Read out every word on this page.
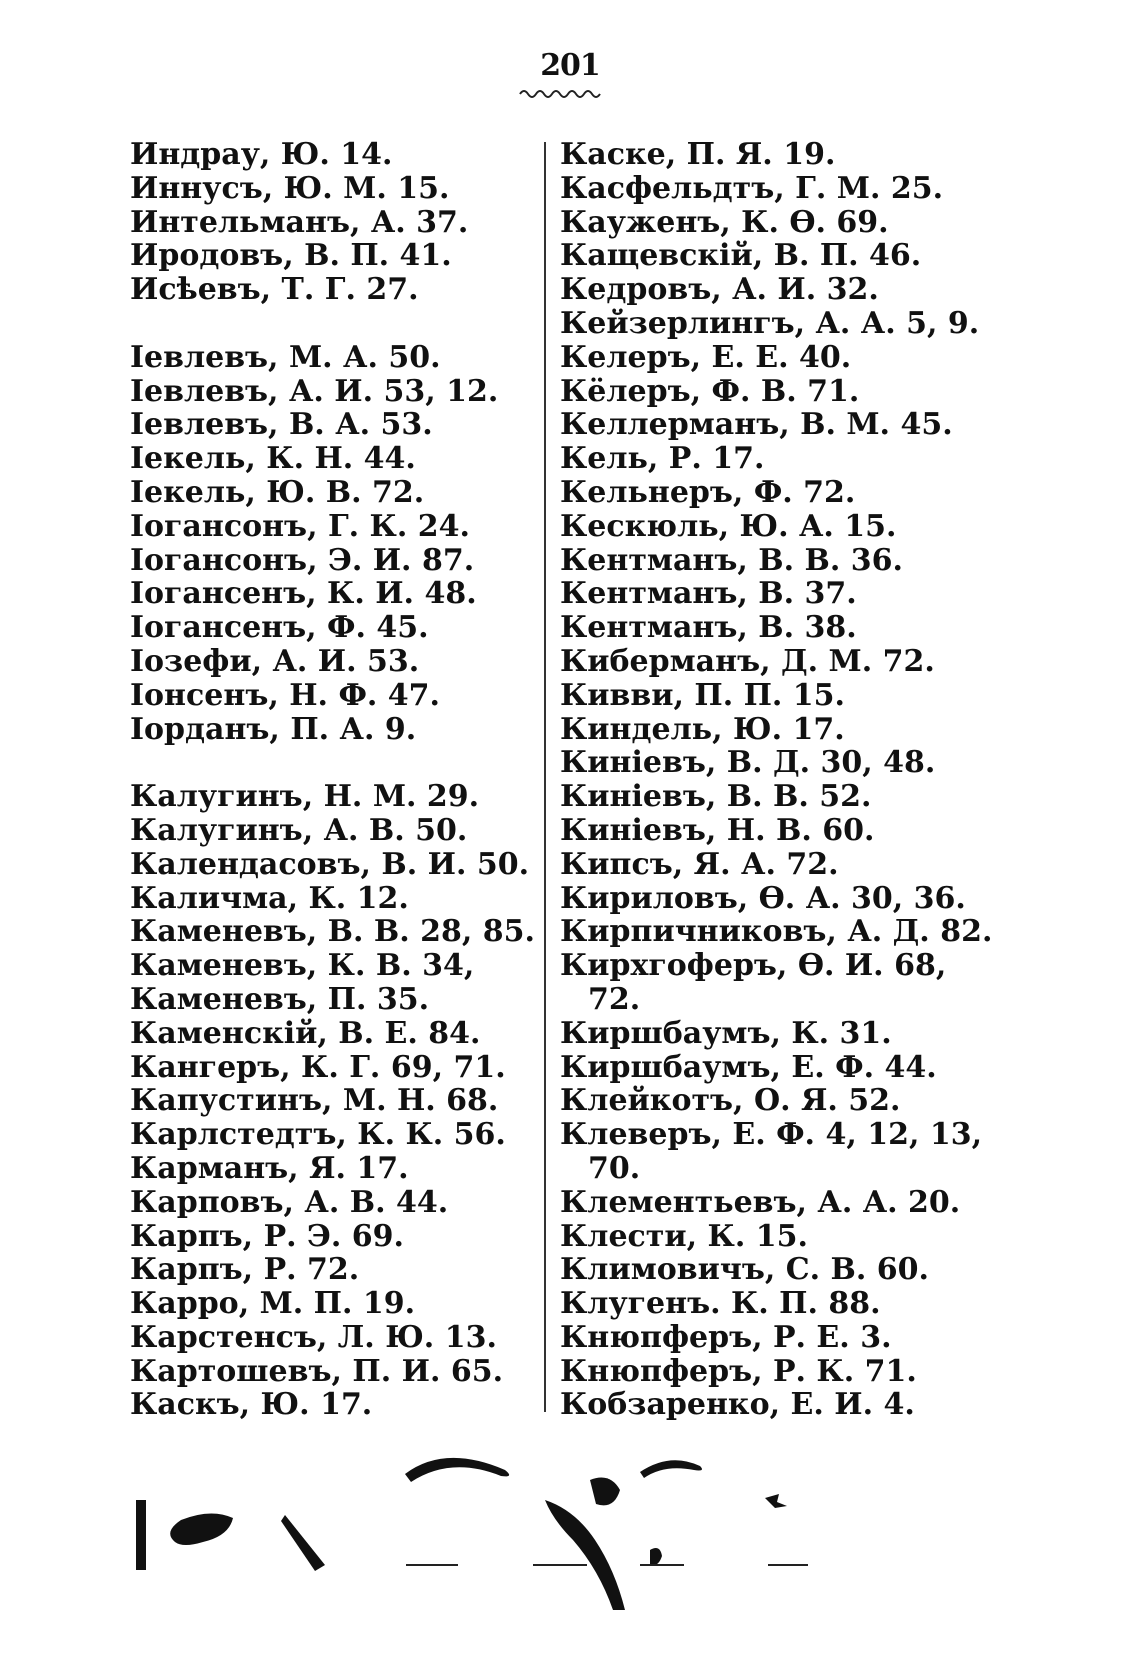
201
Индрау, Ю. 14.
Иннусъ, Ю. М. 15.
Интельманъ, А. 37.
Иродовъ, В. П. 41.
Исѣевъ, Т. Г. 27.
Iевлевъ, М. А. 50.
Iевлевъ, А. И. 53, 12.
Iевлевъ, В. А. 53.
Iекель, К. Н. 44.
Iекель, Ю. В. 72.
Iогансонъ, Г. К. 24.
Iогансонъ, Э. И. 87.
Iогансенъ, К. И. 48.
Iогансенъ, Ф. 45.
Iозефи, А. И. 53.
Iонсенъ, Н. Ф. 47.
Iорданъ, П. А. 9.
Калугинъ, Н. М. 29.
Калугинъ, А. В. 50.
Календасовъ, В. И. 50.
Каличма, К. 12.
Каменевъ, В. В. 28, 85.
Каменевъ, К. В. 34,
Каменевъ, П. 35.
Каменскій, В. Е. 84.
Кангеръ, К. Г. 69, 71.
Капустинъ, М. Н. 68.
Карлстедтъ, К. К. 56.
Карманъ, Я. 17.
Карповъ, А. В. 44.
Карпъ, Р. Э. 69.
Карпъ, Р. 72.
Карро, М. П. 19.
Карстенсъ, Л. Ю. 13.
Картошевъ, П. И. 65.
Каскъ, Ю. 17.
Каске, П. Я. 19.
Касфельдтъ, Г. М. 25.
Кауженъ, К. Ѳ. 69.
Кащевскій, В. П. 46.
Кедровъ, А. И. 32.
Кейзерлингъ, А. А. 5, 9.
Келеръ, Е. Е. 40.
Кёлеръ, Ф. В. 71.
Келлерманъ, В. М. 45.
Кель, Р. 17.
Кельнеръ, Ф. 72.
Кескюль, Ю. А. 15.
Кентманъ, В. В. 36.
Кентманъ, В. 37.
Кентманъ, В. 38.
Киберманъ, Д. М. 72.
Кивви, П. П. 15.
Киндель, Ю. 17.
Киніевъ, В. Д. 30, 48.
Киніевъ, В. В. 52.
Киніевъ, Н. В. 60.
Кипсъ, Я. А. 72.
Кириловъ, Ѳ. А. 30, 36.
Кирпичниковъ, А. Д. 82.
Кирхгоферъ, Ѳ. И. 68,
72.
Киршбаумъ, К. 31.
Киршбаумъ, Е. Ф. 44.
Клейкотъ, О. Я. 52.
Клеверъ, Е. Ф. 4, 12, 13,
70.
Клементьевъ, А. А. 20.
Клести, К. 15.
Климовичъ, С. В. 60.
Клугенъ. К. П. 88.
Кнюпферъ, Р. Е. 3.
Кнюпферъ, Р. К. 71.
Кобзаренко, Е. И. 4.
